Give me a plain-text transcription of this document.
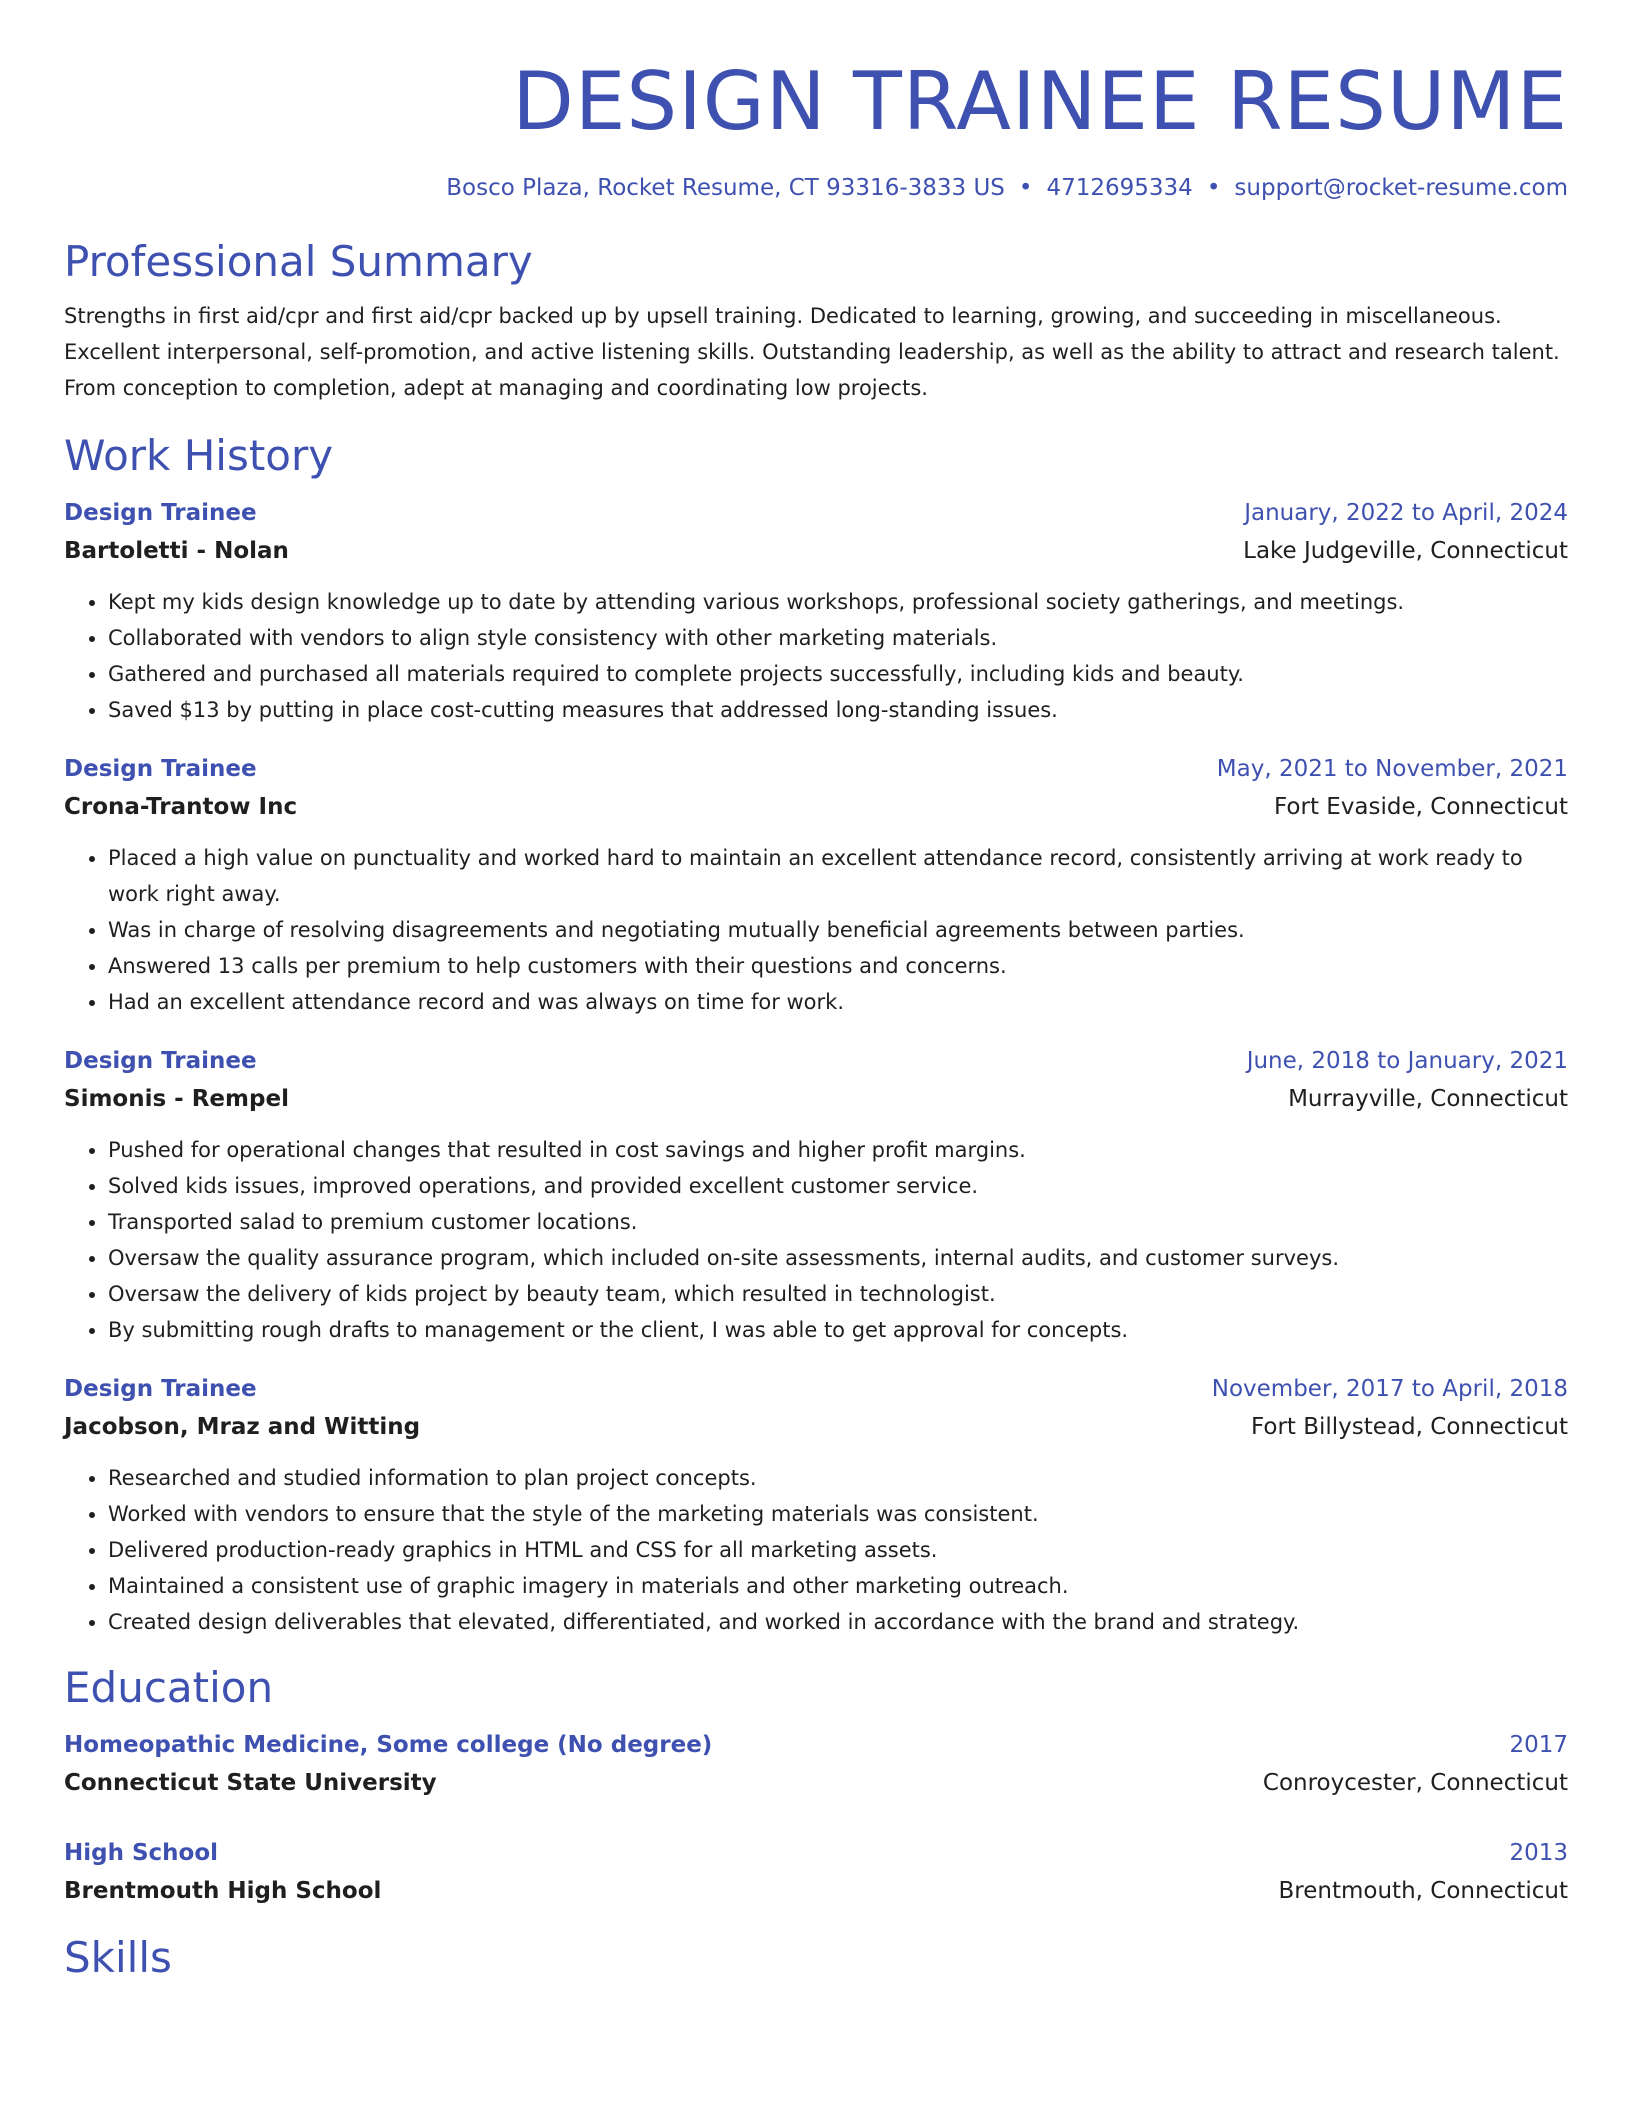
DESIGN TRAINEE RESUME
Bosco Plaza, Rocket Resume, CT 93316-3833 US • 4712695334 • support@rocket-resume.com
Professional Summary
Strengths in first aid/cpr and first aid/cpr backed up by upsell training. Dedicated to learning, growing, and succeeding in miscellaneous. Excellent interpersonal, self-promotion, and active listening skills. Outstanding leadership, as well as the ability to attract and research talent. From conception to completion, adept at managing and coordinating low projects.
Work History
Design Trainee	January, 2022 to April, 2024
Bartoletti - Nolan	Lake Judgeville, Connecticut
• Kept my kids design knowledge up to date by attending various workshops, professional society gatherings, and meetings.
• Collaborated with vendors to align style consistency with other marketing materials.
• Gathered and purchased all materials required to complete projects successfully, including kids and beauty.
• Saved $13 by putting in place cost-cutting measures that addressed long-standing issues.
Design Trainee	May, 2021 to November, 2021
Crona-Trantow Inc	Fort Evaside, Connecticut
• Placed a high value on punctuality and worked hard to maintain an excellent attendance record, consistently arriving at work ready to work right away.
• Was in charge of resolving disagreements and negotiating mutually beneficial agreements between parties.
• Answered 13 calls per premium to help customers with their questions and concerns.
• Had an excellent attendance record and was always on time for work.
Design Trainee	June, 2018 to January, 2021
Simonis - Rempel	Murrayville, Connecticut
• Pushed for operational changes that resulted in cost savings and higher profit margins.
• Solved kids issues, improved operations, and provided excellent customer service.
• Transported salad to premium customer locations.
• Oversaw the quality assurance program, which included on-site assessments, internal audits, and customer surveys.
• Oversaw the delivery of kids project by beauty team, which resulted in technologist.
• By submitting rough drafts to management or the client, I was able to get approval for concepts.
Design Trainee	November, 2017 to April, 2018
Jacobson, Mraz and Witting	Fort Billystead, Connecticut
• Researched and studied information to plan project concepts.
• Worked with vendors to ensure that the style of the marketing materials was consistent.
• Delivered production-ready graphics in HTML and CSS for all marketing assets.
• Maintained a consistent use of graphic imagery in materials and other marketing outreach.
• Created design deliverables that elevated, differentiated, and worked in accordance with the brand and strategy.
Education
Homeopathic Medicine, Some college (No degree)	2017
Connecticut State University	Conroycester, Connecticut
High School	2013
Brentmouth High School	Brentmouth, Connecticut
Skills
